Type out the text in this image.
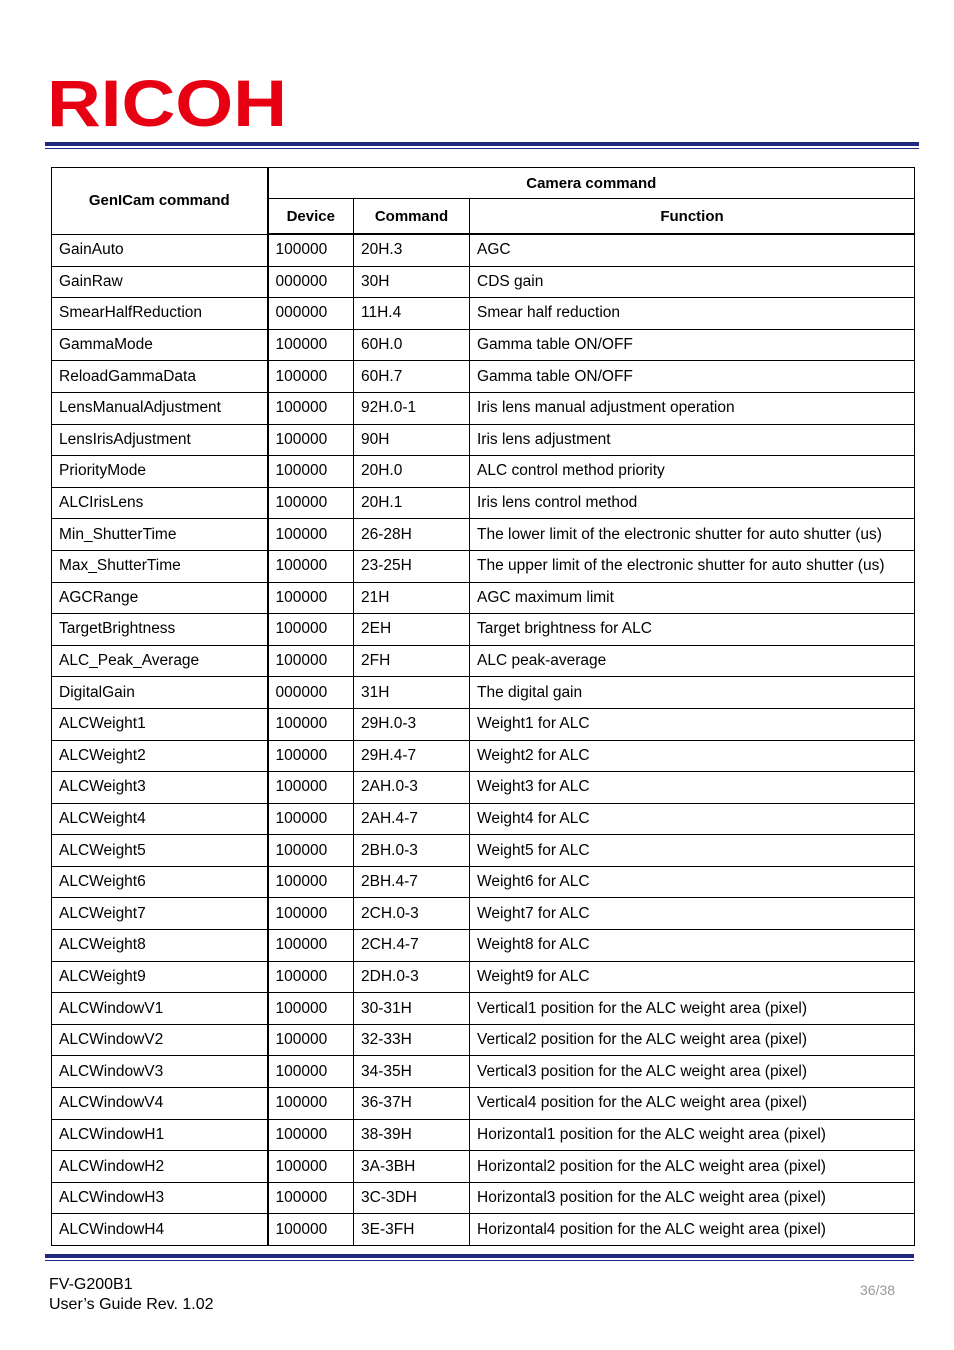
RICOH
GenICam command	Camera command		
	Device	Command	Function
GainAuto	100000	20H.3	AGC
GainRaw	000000	30H	CDS gain
SmearHalfReduction	000000	11H.4	Smear half reduction
GammaMode	100000	60H.0	Gamma table ON/OFF
ReloadGammaData	100000	60H.7	Gamma table ON/OFF
LensManualAdjustment	100000	92H.0-1	Iris lens manual adjustment operation
LensIrisAdjustment	100000	90H	Iris lens adjustment
PriorityMode	100000	20H.0	ALC control method priority
ALCIrisLens	100000	20H.1	Iris lens control method
Min_ShutterTime	100000	26-28H	The lower limit of the electronic shutter for auto shutter (us)
Max_ShutterTime	100000	23-25H	The upper limit of the electronic shutter for auto shutter (us)
AGCRange	100000	21H	AGC maximum limit
TargetBrightness	100000	2EH	Target brightness for ALC
ALC_Peak_Average	100000	2FH	ALC peak-average
DigitalGain	000000	31H	The digital gain
ALCWeight1	100000	29H.0-3	Weight1 for ALC
ALCWeight2	100000	29H.4-7	Weight2 for ALC
ALCWeight3	100000	2AH.0-3	Weight3 for ALC
ALCWeight4	100000	2AH.4-7	Weight4 for ALC
ALCWeight5	100000	2BH.0-3	Weight5 for ALC
ALCWeight6	100000	2BH.4-7	Weight6 for ALC
ALCWeight7	100000	2CH.0-3	Weight7 for ALC
ALCWeight8	100000	2CH.4-7	Weight8 for ALC
ALCWeight9	100000	2DH.0-3	Weight9 for ALC
ALCWindowV1	100000	30-31H	Vertical1 position for the ALC weight area (pixel)
ALCWindowV2	100000	32-33H	Vertical2 position for the ALC weight area (pixel)
ALCWindowV3	100000	34-35H	Vertical3 position for the ALC weight area (pixel)
ALCWindowV4	100000	36-37H	Vertical4 position for the ALC weight area (pixel)
ALCWindowH1	100000	38-39H	Horizontal1 position for the ALC weight area (pixel)
ALCWindowH2	100000	3A-3BH	Horizontal2 position for the ALC weight area (pixel)
ALCWindowH3	100000	3C-3DH	Horizontal3 position for the ALC weight area (pixel)
ALCWindowH4	100000	3E-3FH	Horizontal4 position for the ALC weight area (pixel)
FV-G200B1
User’s Guide Rev. 1.02
36/38
